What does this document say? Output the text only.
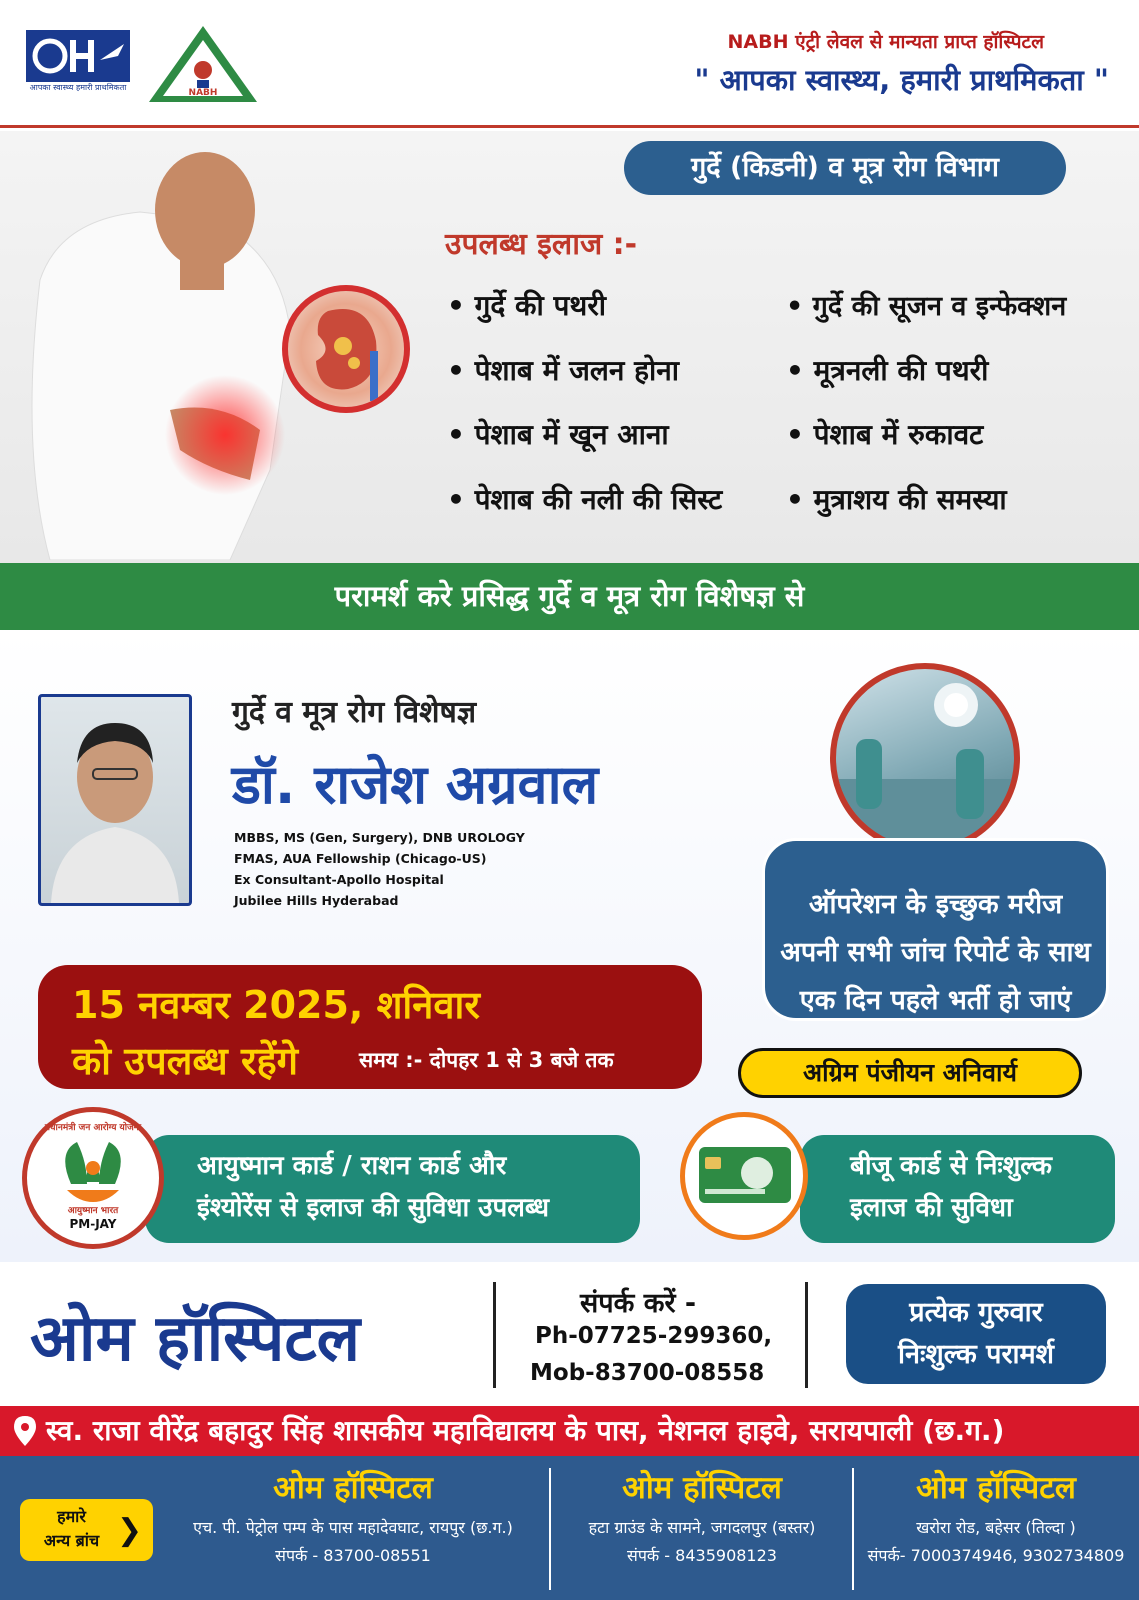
आपका स्वास्थ्य हमारी प्राथमिकता
NABH
NABH एंट्री लेवल से मान्यता प्राप्त हॉस्पिटल
" आपका स्वास्थ्य, हमारी प्राथमिकता "
गुर्दे (किडनी) व मूत्र रोग विभाग
उपलब्ध इलाज :-
• गुर्दे की पथरी
• पेशाब में जलन होना
• पेशाब में खून आना
• पेशाब की नली की सिस्ट
• गुर्दे की सूजन व इन्फेक्शन
• मूत्रनली की पथरी
• पेशाब में रुकावट
• मुत्राशय की समस्या
परामर्श करे प्रसिद्ध गुर्दे व मूत्र रोग विशेषज्ञ से
गुर्दे व मूत्र रोग विशेषज्ञ
डॉ. राजेश अग्रवाल
MBBS, MS (Gen, Surgery), DNB UROLOGY
FMAS, AUA Fellowship (Chicago-US)
Ex Consultant-Apollo Hospital
Jubilee Hills Hyderabad	ऑपरेशन के इच्छुक मरीज
अपनी सभी जांच रिपोर्ट के साथ
एक दिन पहले भर्ती हो जाएं
15 नवम्बर 2025, शनिवार
को उपलब्ध रहेंगे	समय :- दोपहर 1 से 3 बजे तक	अग्रिम पंजीयन अनिवार्य
आयुष्मान कार्ड / राशन कार्ड और
इंश्योरेंस से इलाज की सुविधा उपलब्ध
प्रधानमंत्री जन आरोग्य योजना
आयुष्मान भारत
PM-JAY
बीजू कार्ड से निःशुल्क
इलाज की सुविधा
ओम हॉस्पिटल	संपर्क करें -
Ph-07725-299360,
Mob-83700-08558
प्रत्येक गुरुवार
निःशुल्क परामर्श
स्व. राजा वीरेंद्र बहादुर सिंह शासकीय महाविद्यालय के पास, नेशनल हाइवे, सरायपाली (छ.ग.)
हमारे
अन्य ब्रांच ❯
ओम हॉस्पिटल
एच. पी. पेट्रोल पम्प के पास महादेवघाट, रायपुर (छ.ग.)
संपर्क - 83700-08551
ओम हॉस्पिटल
हटा ग्राउंड के सामने, जगदलपुर (बस्तर)
संपर्क - 8435908123
ओम हॉस्पिटल
खरोरा रोड, बहेसर (तिल्दा )
संपर्क- 7000374946, 9302734809
